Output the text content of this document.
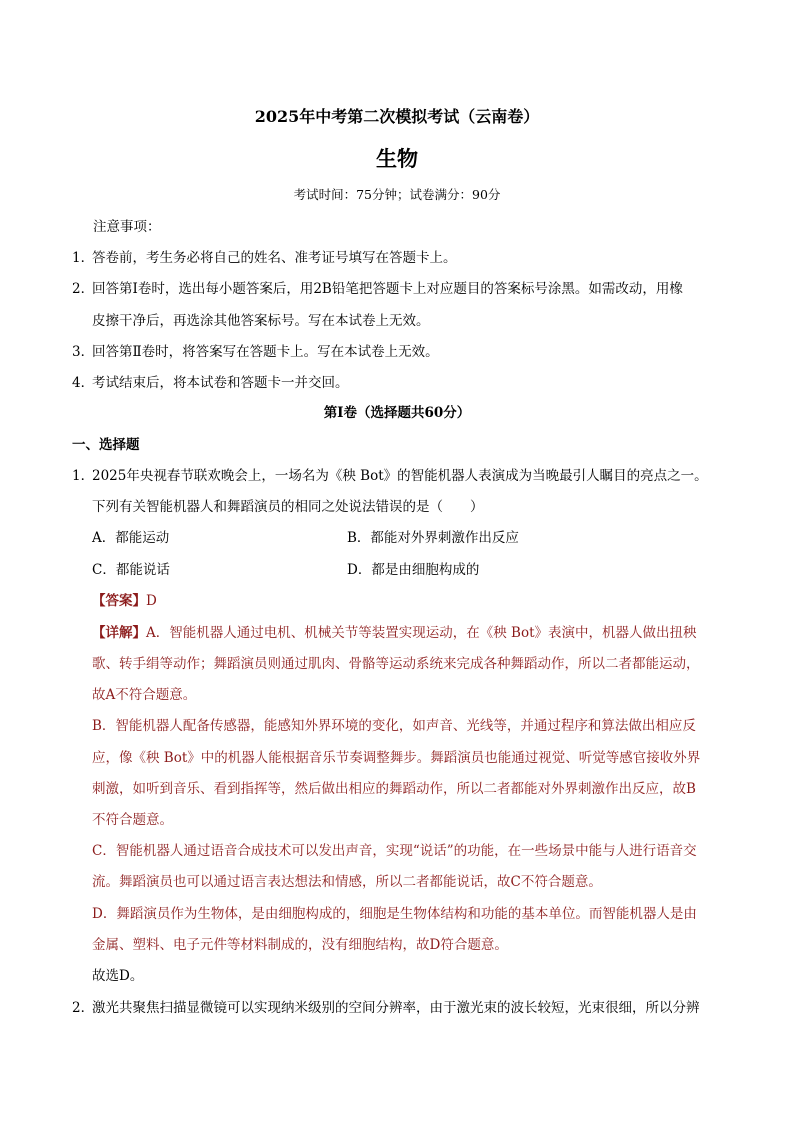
2025年中考第二次模拟考试（云南卷）
生物
考试时间：75分钟；试卷满分：90分
注意事项：
1．答卷前，考生务必将自己的姓名、准考证号填写在答题卡上。
2．回答第Ⅰ卷时，选出每小题答案后，用2B铅笔把答题卡上对应题目的答案标号涂黑。如需改动，用橡
皮擦干净后，再选涂其他答案标号。写在本试卷上无效。
3．回答第Ⅱ卷时，将答案写在答题卡上。写在本试卷上无效。
4．考试结束后，将本试卷和答题卡一并交回。
第Ⅰ卷（选择题共60分）
一、选择题
1．2025年央视春节联欢晚会上，一场名为《秧 Bot》的智能机器人表演成为当晚最引人瞩目的亮点之一。
下列有关智能机器人和舞蹈演员的相同之处说法错误的是（　　）
A．都能运动	B．都能对外界刺激作出反应
C．都能说话	D．都是由细胞构成的
【答案】D
【详解】A．智能机器人通过电机、机械关节等装置实现运动，在《秧 Bot》表演中，机器人做出扭秧
歌、转手绢等动作；舞蹈演员则通过肌肉、骨骼等运动系统来完成各种舞蹈动作，所以二者都能运动，
故A不符合题意。
B．智能机器人配备传感器，能感知外界环境的变化，如声音、光线等，并通过程序和算法做出相应反
应，像《秧 Bot》中的机器人能根据音乐节奏调整舞步。舞蹈演员也能通过视觉、听觉等感官接收外界
刺激，如听到音乐、看到指挥等，然后做出相应的舞蹈动作，所以二者都能对外界刺激作出反应，故B
不符合题意。
C．智能机器人通过语音合成技术可以发出声音，实现“说话”的功能，在一些场景中能与人进行语音交
流。舞蹈演员也可以通过语言表达想法和情感，所以二者都能说话，故C不符合题意。
D．舞蹈演员作为生物体，是由细胞构成的，细胞是生物体结构和功能的基本单位。而智能机器人是由
金属、塑料、电子元件等材料制成的，没有细胞结构，故D符合题意。
故选D。
2．激光共聚焦扫描显微镜可以实现纳米级别的空间分辨率，由于激光束的波长较短，光束很细，所以分辨
